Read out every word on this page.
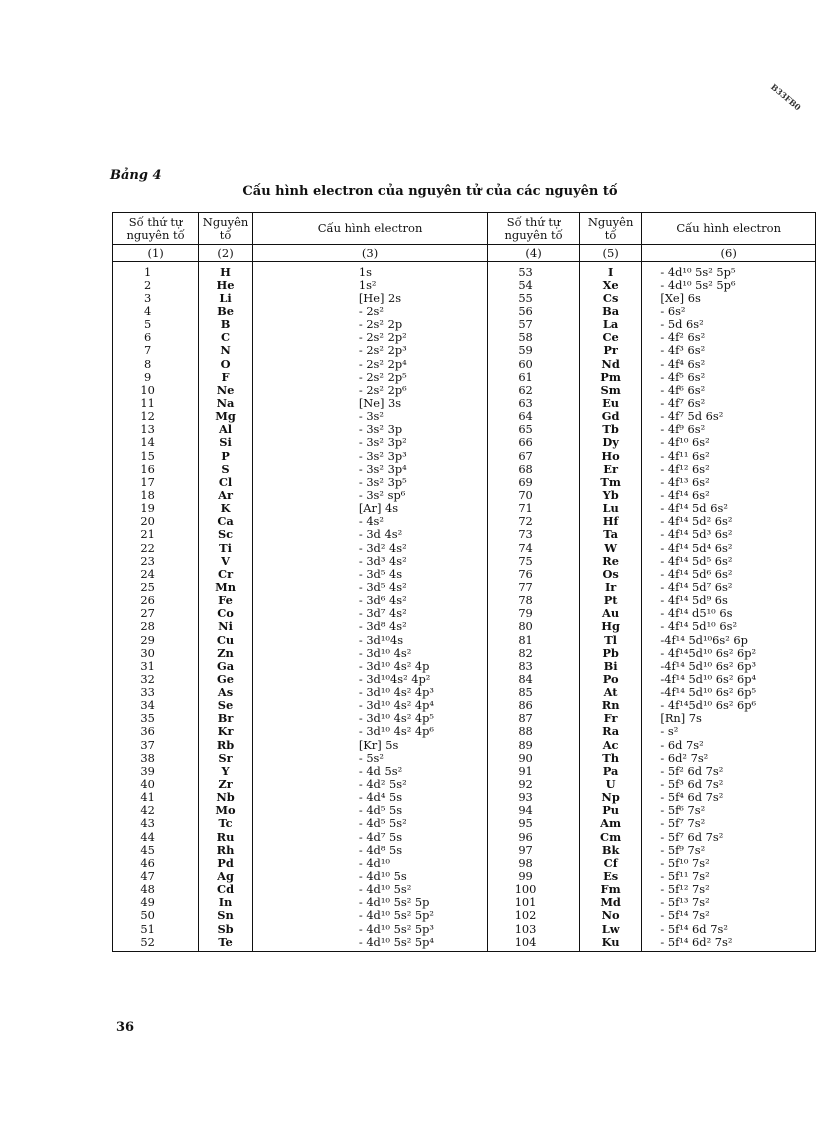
Bảng 4
Cấu hình electron của nguyên tử của các nguyên tố
B33FB0
Số thứ tự nguyên tố	Nguyên tố	Cấu hình electron	Số thứ tự nguyên tố	Nguyên tố	Cấu hình electron
(1)	(2)	(3)	(4)	(5)	(6)
1	H	1s	53	I	- 4d¹⁰ 5s² 5p⁵
2	He	1s²	54	Xe	- 4d¹⁰ 5s² 5p⁶
3	Li	[He] 2s	55	Cs	[Xe] 6s
4	Be	- 2s²	56	Ba	- 6s²
5	B	- 2s² 2p	57	La	- 5d 6s²
6	C	- 2s² 2p²	58	Ce	- 4f² 6s²
7	N	- 2s² 2p³	59	Pr	- 4f³ 6s²
8	O	- 2s² 2p⁴	60	Nd	- 4f⁴ 6s²
9	F	- 2s² 2p⁵	61	Pm	- 4f⁵ 6s²
10	Ne	- 2s² 2p⁶	62	Sm	- 4f⁶ 6s²
11	Na	[Ne] 3s	63	Eu	- 4f⁷ 6s²
12	Mg	- 3s²	64	Gd	- 4f⁷ 5d 6s²
13	Al	- 3s² 3p	65	Tb	- 4f⁹ 6s²
14	Si	- 3s² 3p²	66	Dy	- 4f¹⁰ 6s²
15	P	- 3s² 3p³	67	Ho	- 4f¹¹ 6s²
16	S	- 3s² 3p⁴	68	Er	- 4f¹² 6s²
17	Cl	- 3s² 3p⁵	69	Tm	- 4f¹³ 6s²
18	Ar	- 3s² sp⁶	70	Yb	- 4f¹⁴ 6s²
19	K	[Ar] 4s	71	Lu	- 4f¹⁴ 5d 6s²
20	Ca	- 4s²	72	Hf	- 4f¹⁴ 5d² 6s²
21	Sc	- 3d 4s²	73	Ta	- 4f¹⁴ 5d³ 6s²
22	Ti	- 3d² 4s²	74	W	- 4f¹⁴ 5d⁴ 6s²
23	V	- 3d³ 4s²	75	Re	- 4f¹⁴ 5d⁵ 6s²
24	Cr	- 3d⁵ 4s	76	Os	- 4f¹⁴ 5d⁶ 6s²
25	Mn	- 3d⁵ 4s²	77	Ir	- 4f¹⁴ 5d⁷ 6s²
26	Fe	- 3d⁶ 4s²	78	Pt	- 4f¹⁴ 5d⁹ 6s
27	Co	- 3d⁷ 4s²	79	Au	- 4f¹⁴ d5¹⁰ 6s
28	Ni	- 3d⁸ 4s²	80	Hg	- 4f¹⁴ 5d¹⁰ 6s²
29	Cu	- 3d¹⁰4s	81	Tl	-4f¹⁴ 5d¹⁰6s² 6p
30	Zn	- 3d¹⁰ 4s²	82	Pb	- 4f¹⁴5d¹⁰ 6s² 6p²
31	Ga	- 3d¹⁰ 4s² 4p	83	Bi	-4f¹⁴ 5d¹⁰ 6s² 6p³
32	Ge	- 3d¹⁰4s² 4p²	84	Po	-4f¹⁴ 5d¹⁰ 6s² 6p⁴
33	As	- 3d¹⁰ 4s² 4p³	85	At	-4f¹⁴ 5d¹⁰ 6s² 6p⁵
34	Se	- 3d¹⁰ 4s² 4p⁴	86	Rn	- 4f¹⁴5d¹⁰ 6s² 6p⁶
35	Br	- 3d¹⁰ 4s² 4p⁵	87	Fr	[Rn] 7s
36	Kr	- 3d¹⁰ 4s² 4p⁶	88	Ra	- s²
37	Rb	[Kr] 5s	89	Ac	- 6d 7s²
38	Sr	- 5s²	90	Th	- 6d² 7s²
39	Y	- 4d 5s²	91	Pa	- 5f² 6d 7s²
40	Zr	- 4d² 5s²	92	U	- 5f³ 6d 7s²
41	Nb	- 4d⁴ 5s	93	Np	- 5f⁴ 6d 7s²
42	Mo	- 4d⁵ 5s	94	Pu	- 5f⁶ 7s²
43	Tc	- 4d⁵ 5s²	95	Am	- 5f⁷ 7s²
44	Ru	- 4d⁷ 5s	96	Cm	- 5f⁷ 6d 7s²
45	Rh	- 4d⁸ 5s	97	Bk	- 5f⁹ 7s²
46	Pd	- 4d¹⁰	98	Cf	- 5f¹⁰ 7s²
47	Ag	- 4d¹⁰ 5s	99	Es	- 5f¹¹ 7s²
48	Cd	- 4d¹⁰ 5s²	100	Fm	- 5f¹² 7s²
49	In	- 4d¹⁰ 5s² 5p	101	Md	- 5f¹³ 7s²
50	Sn	- 4d¹⁰ 5s² 5p²	102	No	- 5f¹⁴ 7s²
51	Sb	- 4d¹⁰ 5s² 5p³	103	Lw	- 5f¹⁴ 6d 7s²
52	Te	- 4d¹⁰ 5s² 5p⁴	104	Ku	- 5f¹⁴ 6d² 7s²
36
